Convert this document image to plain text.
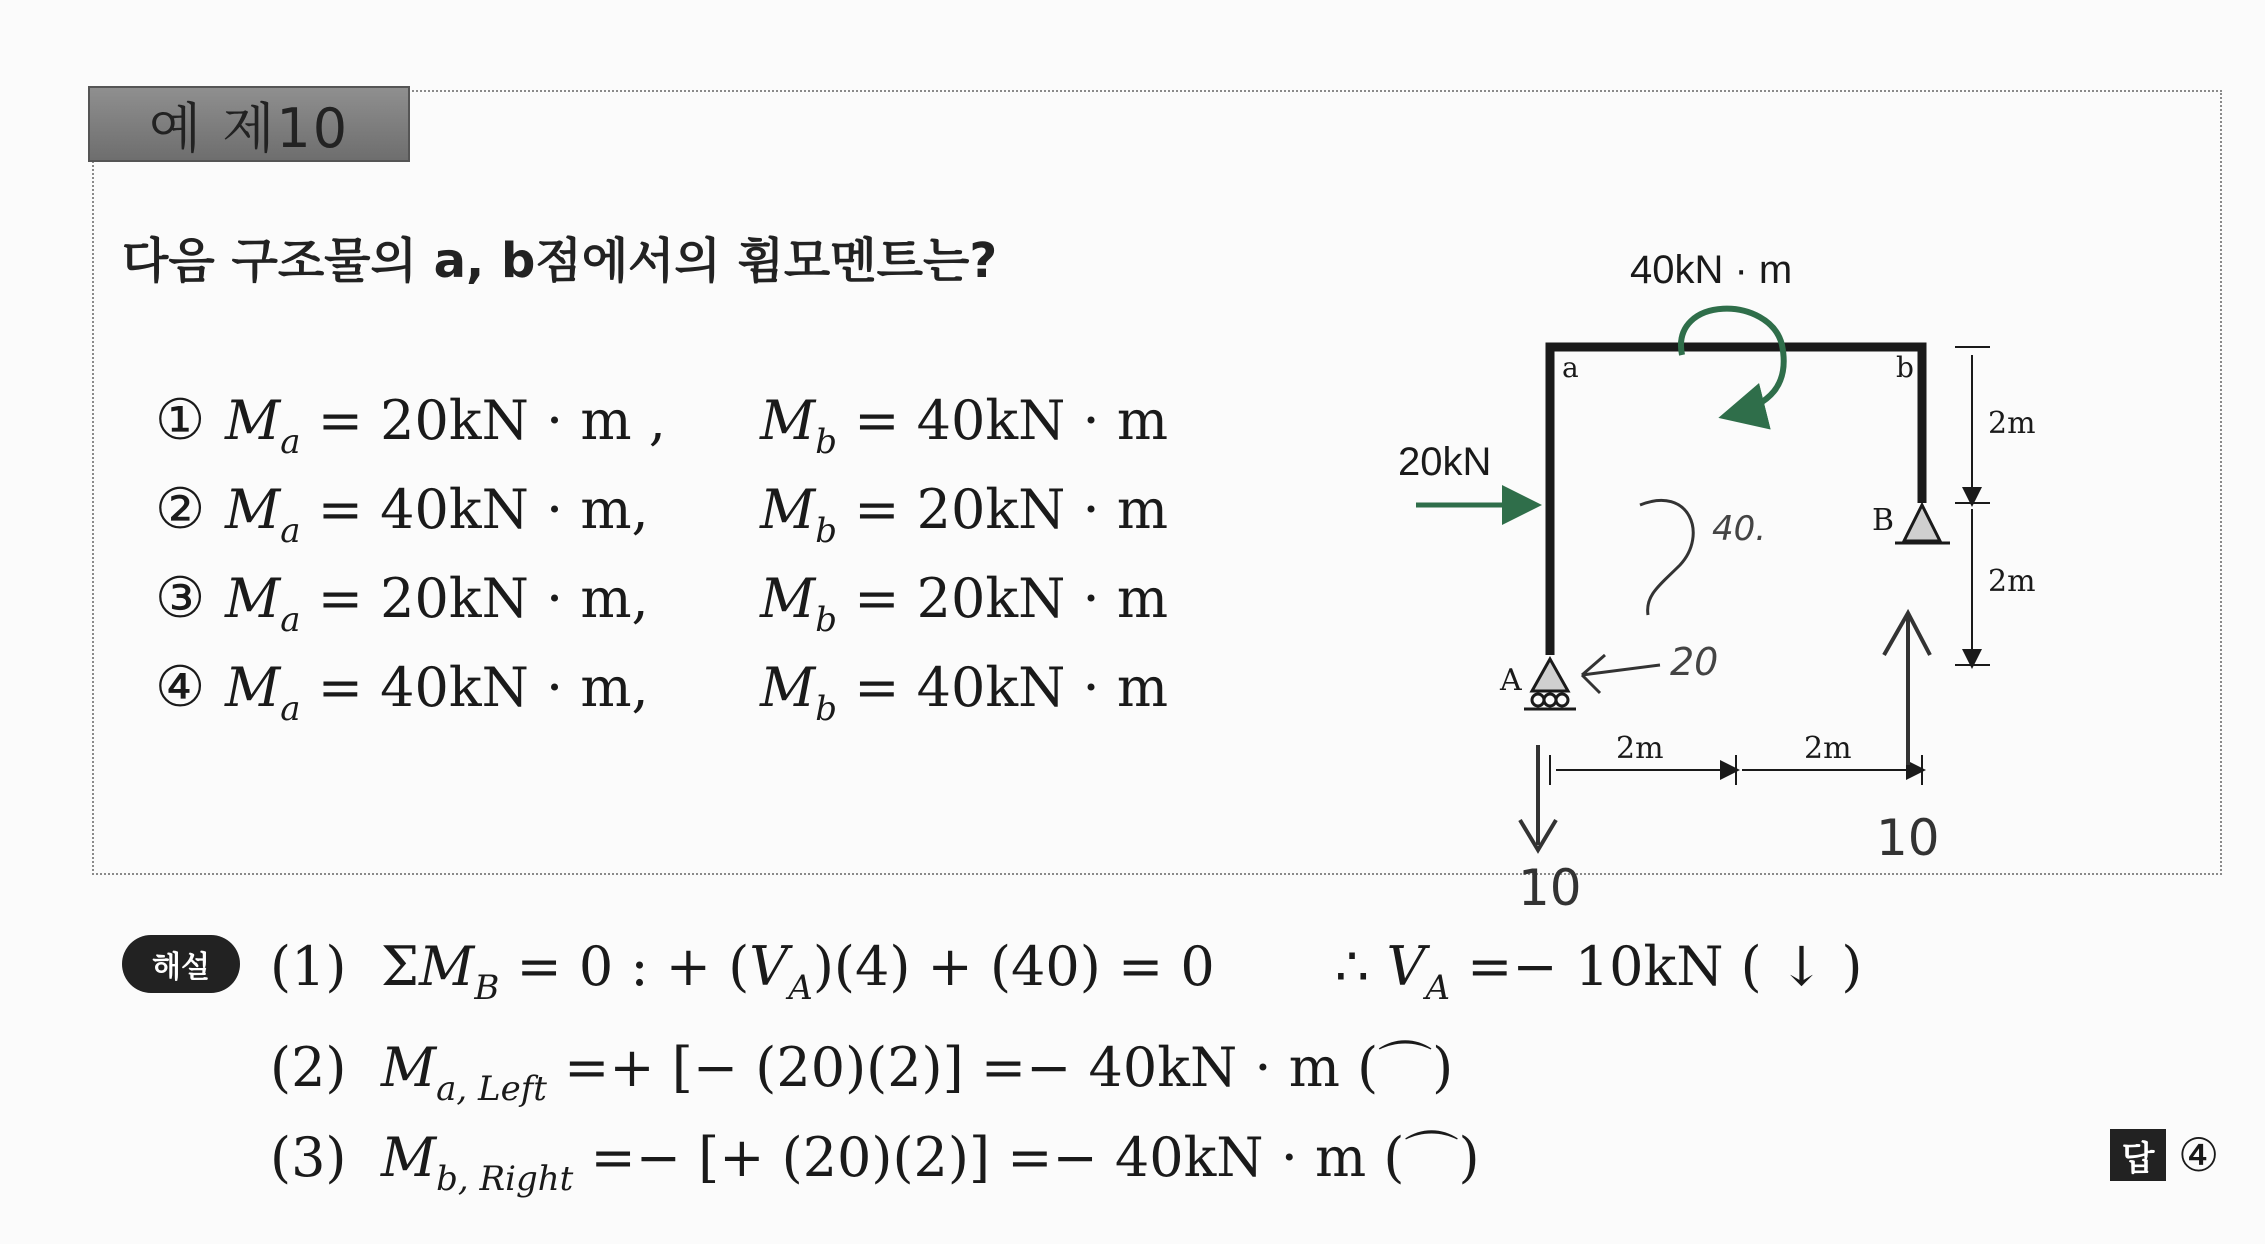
예 제10
다음 구조물의 a, b점에서의 휨모멘트는?
① $M_a = 20kN \cdot m$ ,	$M_b = 40kN \cdot m$
② $M_a = 40kN \cdot m$,	$M_b = 20kN \cdot m$
③ $M_a = 20kN \cdot m$,	$M_b = 20kN \cdot m$
④ $M_a = 40kN \cdot m$,	$M_b = 40kN \cdot m$
40kN · m
a	b
20kN
B
A
2m
2m
2m	2m
40.
20
10
10
해설	(1) $\Sigma M_B = 0$ : + $(V_A)(4) + (40) = 0$ ∴ $V_A =- 10kN$ ( ↓ )
(2) $M_{a, Left}$ =+ [− (20)(2)] =− 40kN · m (⌒)
(3) $M_{b, Right}$ =− [+ (20)(2)] =− 40kN · m (⌒)	답 ④
